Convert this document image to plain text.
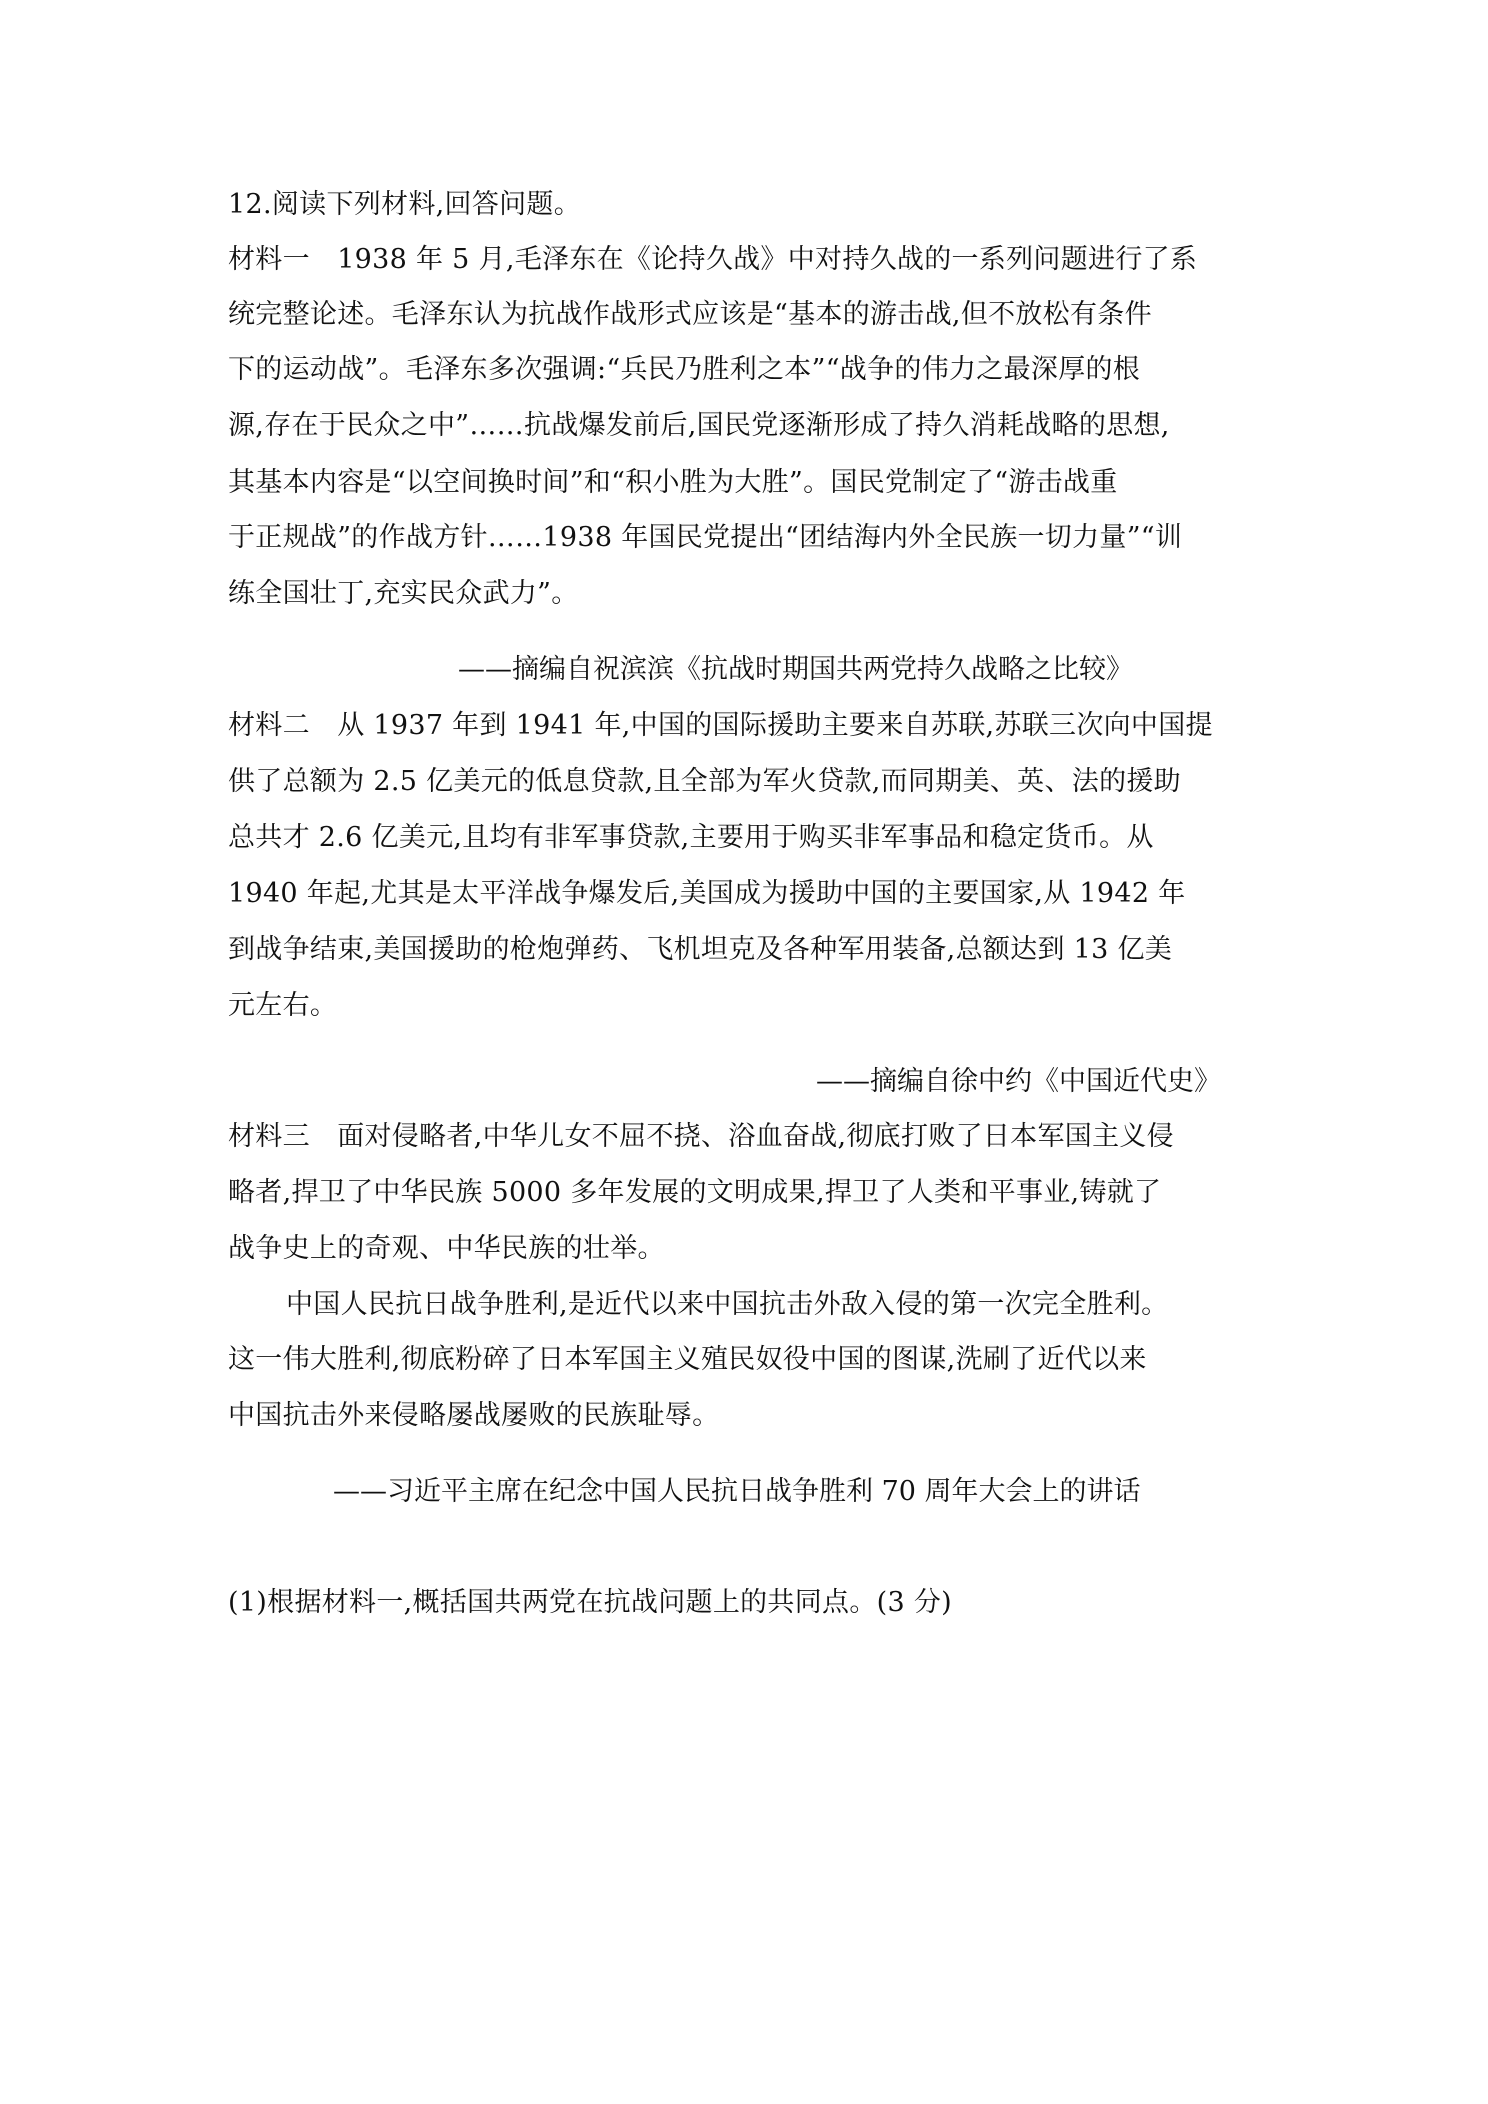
12.阅读下列材料,回答问题。
材料一　1938 年 5 月,毛泽东在《论持久战》中对持久战的一系列问题进行了系
统完整论述。毛泽东认为抗战作战形式应该是“基本的游击战,但不放松有条件
下的运动战”。毛泽东多次强调:“兵民乃胜利之本”“战争的伟力之最深厚的根
源,存在于民众之中”……抗战爆发前后,国民党逐渐形成了持久消耗战略的思想,
其基本内容是“以空间换时间”和“积小胜为大胜”。国民党制定了“游击战重
于正规战”的作战方针……1938 年国民党提出“团结海内外全民族一切力量”“训
练全国壮丁,充实民众武力”。
——摘编自祝滨滨《抗战时期国共两党持久战略之比较》
材料二　从 1937 年到 1941 年,中国的国际援助主要来自苏联,苏联三次向中国提
供了总额为 2.5 亿美元的低息贷款,且全部为军火贷款,而同期美、英、法的援助
总共才 2.6 亿美元,且均有非军事贷款,主要用于购买非军事品和稳定货币。从
1940 年起,尤其是太平洋战争爆发后,美国成为援助中国的主要国家,从 1942 年
到战争结束,美国援助的枪炮弹药、飞机坦克及各种军用装备,总额达到 13 亿美
元左右。
——摘编自徐中约《中国近代史》
材料三　面对侵略者,中华儿女不屈不挠、浴血奋战,彻底打败了日本军国主义侵
略者,捍卫了中华民族 5000 多年发展的文明成果,捍卫了人类和平事业,铸就了
战争史上的奇观、中华民族的壮举。
中国人民抗日战争胜利,是近代以来中国抗击外敌入侵的第一次完全胜利。
这一伟大胜利,彻底粉碎了日本军国主义殖民奴役中国的图谋,洗刷了近代以来
中国抗击外来侵略屡战屡败的民族耻辱。
——习近平主席在纪念中国人民抗日战争胜利 70 周年大会上的讲话
(1)根据材料一,概括国共两党在抗战问题上的共同点。(3 分)
